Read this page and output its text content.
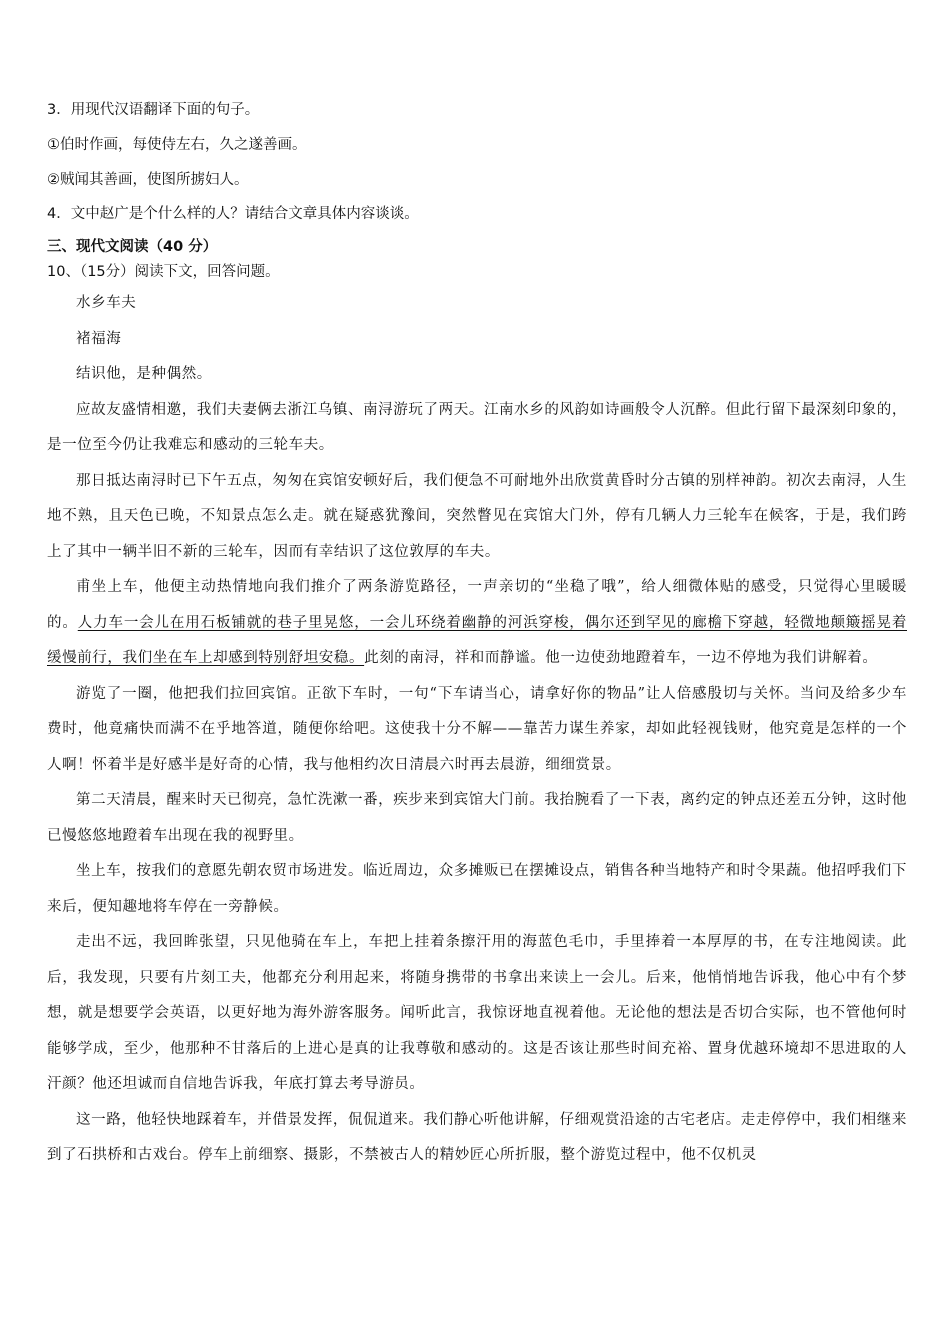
3．用现代汉语翻译下面的句子。
①伯时作画，每使侍左右，久之遂善画。
②贼闻其善画，使图所掳妇人。
4．文中赵广是个什么样的人？请结合文章具体内容谈谈。
三、现代文阅读（40 分）
10、（15分）阅读下文，回答问题。

水乡车夫

褚福海

结识他，是种偶然。

应故友盛情相邀，我们夫妻俩去浙江乌镇、南浔游玩了两天。江南水乡的风韵如诗画般令人沉醉。但此行留下最深刻印象的，是一位至今仍让我难忘和感动的三轮车夫。

那日抵达南浔时已下午五点，匆匆在宾馆安顿好后，我们便急不可耐地外出欣赏黄昏时分古镇的别样神韵。初次去南浔，人生地不熟，且天色已晚，不知景点怎么走。就在疑惑犹豫间，突然瞥见在宾馆大门外，停有几辆人力三轮车在候客，于是，我们跨上了其中一辆半旧不新的三轮车，因而有幸结识了这位敦厚的车夫。

甫坐上车，他便主动热情地向我们推介了两条游览路径，一声亲切的“坐稳了哦”，给人细微体贴的感受，只觉得心里暖暖的。人力车一会儿在用石板铺就的巷子里晃悠，一会儿环绕着幽静的河浜穿梭，偶尔还到罕见的廊檐下穿越，轻微地颠簸摇晃着缓慢前行，我们坐在车上却感到特别舒坦安稳。此刻的南浔，祥和而静谧。他一边使劲地蹬着车，一边不停地为我们讲解着。

游览了一圈，他把我们拉回宾馆。正欲下车时，一句“下车请当心，请拿好你的物品”让人倍感殷切与关怀。当问及给多少车费时，他竟痛快而满不在乎地答道，随便你给吧。这使我十分不解——靠苦力谋生养家，却如此轻视钱财，他究竟是怎样的一个人啊！怀着半是好感半是好奇的心情，我与他相约次日清晨六时再去晨游，细细赏景。

第二天清晨，醒来时天已彻亮，急忙洗漱一番，疾步来到宾馆大门前。我抬腕看了一下表，离约定的钟点还差五分钟，这时他已慢悠悠地蹬着车出现在我的视野里。

坐上车，按我们的意愿先朝农贸市场进发。临近周边，众多摊贩已在摆摊设点，销售各种当地特产和时令果蔬。他招呼我们下来后，便知趣地将车停在一旁静候。

走出不远，我回眸张望，只见他骑在车上，车把上挂着条擦汗用的海蓝色毛巾，手里捧着一本厚厚的书，在专注地阅读。此后，我发现，只要有片刻工夫，他都充分利用起来，将随身携带的书拿出来读上一会儿。后来，他悄悄地告诉我，他心中有个梦想，就是想要学会英语，以更好地为海外游客服务。闻听此言，我惊讶地直视着他。无论他的想法是否切合实际，也不管他何时能够学成，至少，他那种不甘落后的上进心是真的让我尊敬和感动的。这是否该让那些时间充裕、置身优越环境却不思进取的人汗颜？他还坦诚而自信地告诉我，年底打算去考导游员。

这一路，他轻快地踩着车，并借景发挥，侃侃道来。我们静心听他讲解，仔细观赏沿途的古宅老店。走走停停中，我们相继来到了石拱桥和古戏台。停车上前细察、摄影，不禁被古人的精妙匠心所折服，整个游览过程中，他不仅机灵
